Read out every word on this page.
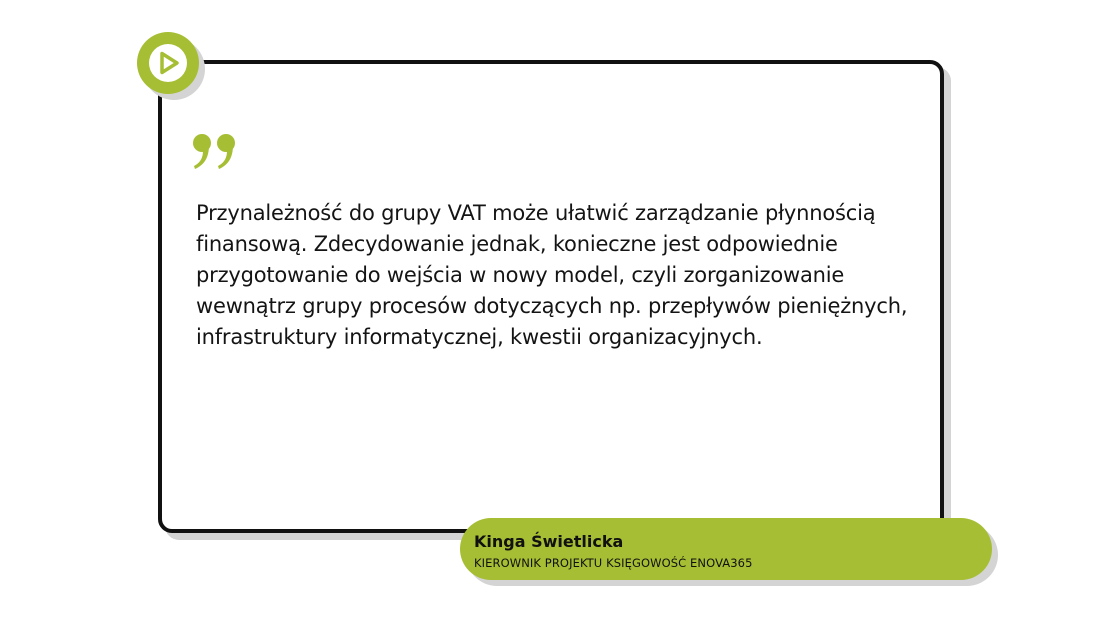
Przynależność do grupy VAT może ułatwić zarządzanie płynnością finansową. Zdecydowanie jednak, konieczne jest odpowiednie przygotowanie do wejścia w nowy model, czyli zorganizowanie wewnątrz grupy procesów dotyczących np. przepływów pieniężnych, infrastruktury informatycznej, kwestii organizacyjnych.

Kinga Świetlicka

KIEROWNIK PROJEKTU KSIĘGOWOŚĆ ENOVA365
